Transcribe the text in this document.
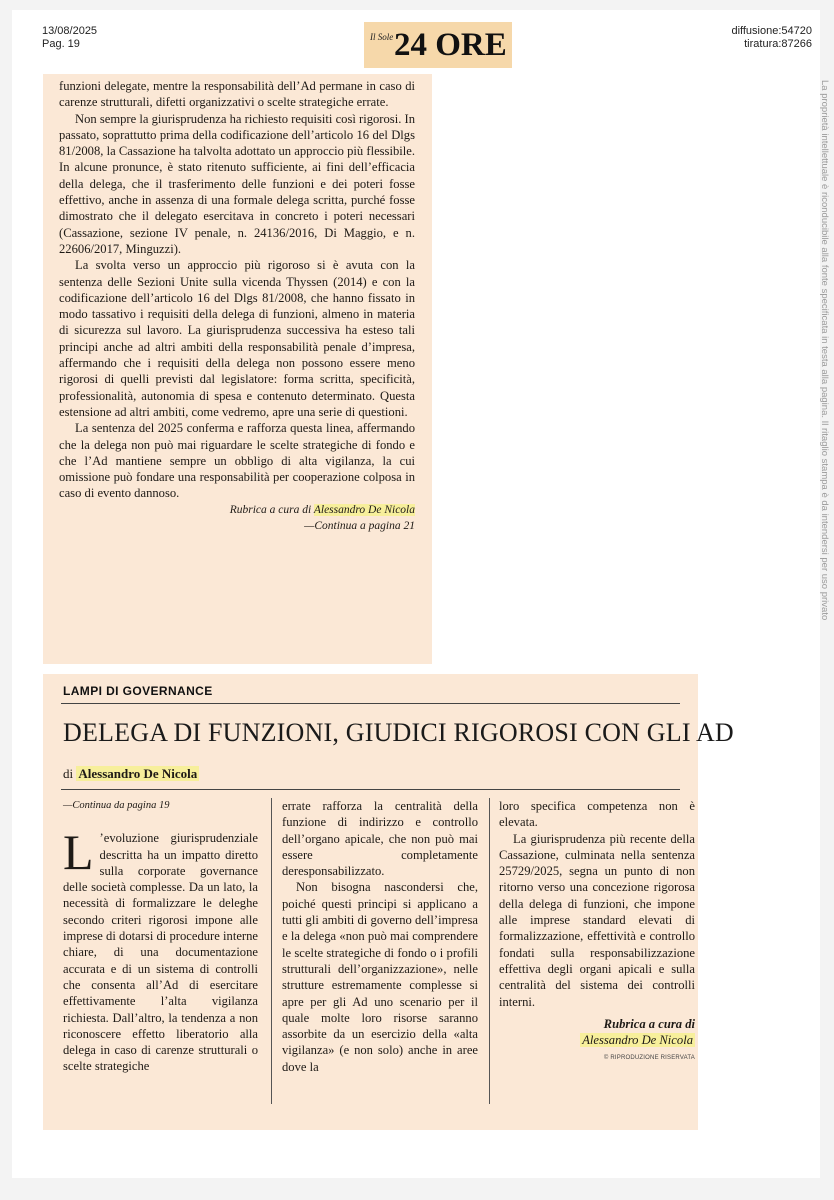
13/08/2025
Pag. 19
diffusione:54720
tiratura:87266
Il Sole 24 ORE
La proprietà intellettuale è riconducibile alla fonte specificata in testa alla pagina. Il ritaglio stampa è da intendersi per uso privato

funzioni delegate, mentre la responsabilità dell’Ad permane in caso di carenze strutturali, difetti organizzativi o scelte strategiche errate.

Non sempre la giurisprudenza ha richiesto requisiti così rigorosi. In passato, soprattutto prima della codificazione dell’articolo 16 del Dlgs 81/2008, la Cassazione ha talvolta adottato un approccio più flessibile. In alcune pronunce, è stato ritenuto sufficiente, ai fini dell’efficacia della delega, che il trasferimento delle funzioni e dei poteri fosse effettivo, anche in assenza di una formale delega scritta, purché fosse dimostrato che il delegato esercitava in concreto i poteri necessari (Cassazione, sezione IV penale, n. 24136/2016, Di Maggio, e n. 22606/2017, Minguzzi).

La svolta verso un approccio più rigoroso si è avuta con la sentenza delle Sezioni Unite sulla vicenda Thyssen (2014) e con la codificazione dell’articolo 16 del Dlgs 81/2008, che hanno fissato in modo tassativo i requisiti della delega di funzioni, almeno in materia di sicurezza sul lavoro. La giurisprudenza successiva ha esteso tali principi anche ad altri ambiti della responsabilità penale d’impresa, affermando che i requisiti della delega non possono essere meno rigorosi di quelli previsti dal legislatore: forma scritta, specificità, professionalità, autonomia di spesa e contenuto determinato. Questa estensione ad altri ambiti, come vedremo, apre una serie di questioni.

La sentenza del 2025 conferma e rafforza questa linea, affermando che la delega non può mai riguardare le scelte strategiche di fondo e che l’Ad mantiene sempre un obbligo di alta vigilanza, la cui omissione può fondare una responsabilità per cooperazione colposa in caso di evento dannoso.

Rubrica a cura di Alessandro De Nicola
—Continua a pagina 21
LAMPI DI GOVERNANCE
DELEGA DI FUNZIONI, GIUDICI RIGOROSI CON GLI AD
di Alessandro De Nicola
—Continua da pagina 19

L ’evoluzione giurisprudenziale descritta ha un impatto diretto sulla corporate governance delle società complesse. Da un lato, la necessità di formalizzare le deleghe secondo criteri rigorosi impone alle imprese di dotarsi di procedure interne chiare, di una documentazione accurata e di un sistema di controlli che consenta all’Ad di esercitare effettivamente l’alta vigilanza richiesta. Dall’altro, la tendenza a non riconoscere effetto liberatorio alla delega in caso di carenze strutturali o scelte strategiche

errate rafforza la centralità della funzione di indirizzo e controllo dell’organo apicale, che non può mai essere completamente deresponsabilizzato.

Non bisogna nascondersi che, poiché questi principi si applicano a tutti gli ambiti di governo dell’impresa e la delega «non può mai comprendere le scelte strategiche di fondo o i profili strutturali dell’organizzazione», nelle strutture estremamente complesse si apre per gli Ad uno scenario per il quale molte loro risorse saranno assorbite da un esercizio della «alta vigilanza» (e non solo) anche in aree dove la

loro specifica competenza non è elevata.

La giurisprudenza più recente della Cassazione, culminata nella sentenza 25729/2025, segna un punto di non ritorno verso una concezione rigorosa della delega di funzioni, che impone alle imprese standard elevati di formalizzazione, effettività e controllo fondati sulla responsabilizzazione effettiva degli organi apicali e sulla centralità del sistema dei controlli interni.

Rubrica a cura di
Alessandro De Nicola
© RIPRODUZIONE RISERVATA
